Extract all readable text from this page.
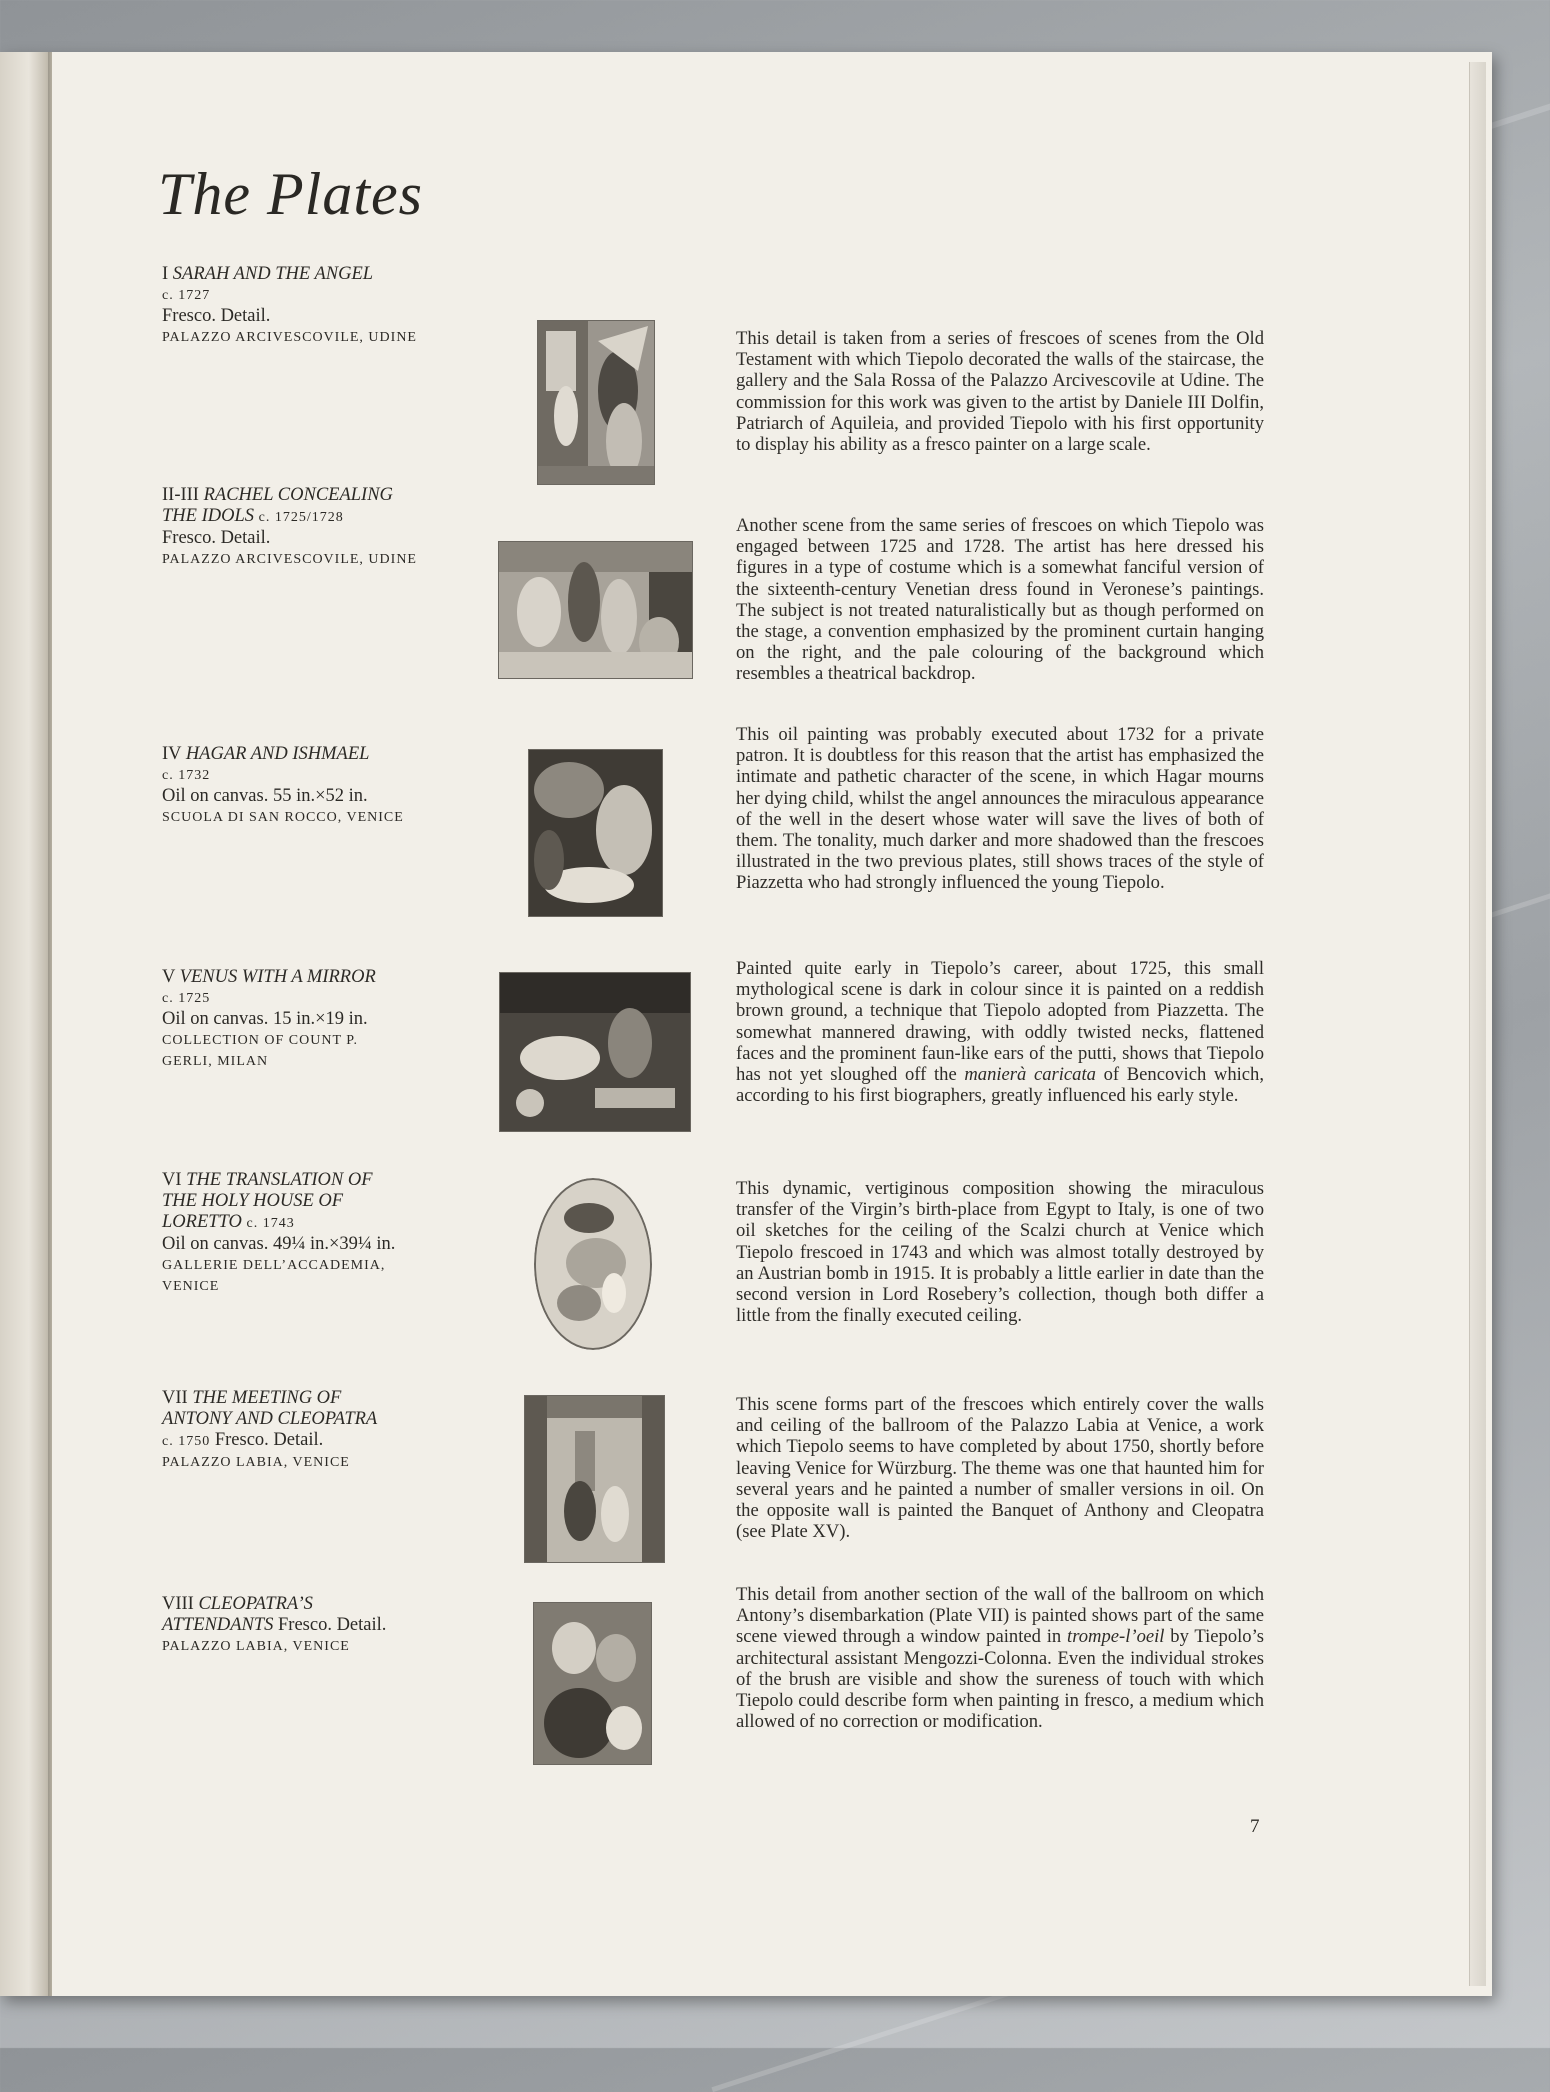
The Plates
I SARAH AND THE ANGEL
c. 1727
Fresco. Detail.
PALAZZO ARCIVESCOVILE, UDINE	This detail is taken from a series of frescoes of scenes from the Old Testament with which Tiepolo decorated the walls of the staircase, the gallery and the Sala Rossa of the Palazzo Arcivescovile at Udine. The commission for this work was given to the artist by Daniele III Dolfin, Patriarch of Aquileia, and provided Tiepolo with his first opportunity to display his ability as a fresco painter on a large scale.

II-III RACHEL CONCEALING
THE IDOLS c. 1725/1728
Fresco. Detail.
PALAZZO ARCIVESCOVILE, UDINE

Another scene from the same series of frescoes on which Tiepolo was engaged between 1725 and 1728. The artist has here dressed his figures in a type of costume which is a somewhat fanciful version of the sixteenth-century Venetian dress found in Veronese’s paintings. The subject is not treated naturalistically but as though performed on the stage, a convention emphasized by the prominent curtain hanging on the right, and the pale colouring of the background which resembles a theatrical backdrop.

IV HAGAR AND ISHMAEL
c. 1732
Oil on canvas. 55 in.×52 in.
SCUOLA DI SAN ROCCO, VENICE

This oil painting was probably executed about 1732 for a private patron. It is doubtless for this reason that the artist has emphasized the intimate and pathetic character of the scene, in which Hagar mourns her dying child, whilst the angel announces the miraculous appearance of the well in the desert whose water will save the lives of both of them. The tonality, much darker and more shadowed than the frescoes illustrated in the two previous plates, still shows traces of the style of Piazzetta who had strongly influenced the young Tiepolo.

V VENUS WITH A MIRROR
c. 1725
Oil on canvas. 15 in.×19 in.
COLLECTION OF COUNT P.
GERLI, MILAN

Painted quite early in Tiepolo’s career, about 1725, this small mythological scene is dark in colour since it is painted on a reddish brown ground, a technique that Tiepolo adopted from Piazzetta. The somewhat mannered drawing, with oddly twisted necks, flattened faces and the prominent faun-like ears of the putti, shows that Tiepolo has not yet sloughed off the manierà caricata of Bencovich which, according to his first biographers, greatly influenced his early style.

VI THE TRANSLATION OF
THE HOLY HOUSE OF
LORETTO c. 1743
Oil on canvas. 49¼ in.×39¼ in.
GALLERIE DELL’ACCADEMIA,
VENICE

This dynamic, vertiginous composition showing the miraculous transfer of the Virgin’s birth-place from Egypt to Italy, is one of two oil sketches for the ceiling of the Scalzi church at Venice which Tiepolo frescoed in 1743 and which was almost totally destroyed by an Austrian bomb in 1915. It is probably a little earlier in date than the second version in Lord Rosebery’s collection, though both differ a little from the finally executed ceiling.

VII THE MEETING OF
ANTONY AND CLEOPATRA
c. 1750 Fresco. Detail.
PALAZZO LABIA, VENICE

This scene forms part of the frescoes which entirely cover the walls and ceiling of the ballroom of the Palazzo Labia at Venice, a work which Tiepolo seems to have completed by about 1750, shortly before leaving Venice for Würzburg. The theme was one that haunted him for several years and he painted a number of smaller versions in oil. On the opposite wall is painted the Banquet of Anthony and Cleopatra (see Plate XV).

VIII CLEOPATRA’S
ATTENDANTS Fresco. Detail.
PALAZZO LABIA, VENICE

This detail from another section of the wall of the ballroom on which Antony’s disembarkation (Plate VII) is painted shows part of the same scene viewed through a window painted in trompe-l’oeil by Tiepolo’s architectural assistant Mengozzi-Colonna. Even the individual strokes of the brush are visible and show the sureness of touch with which Tiepolo could describe form when painting in fresco, a medium which allowed of no correction or modification.

7
